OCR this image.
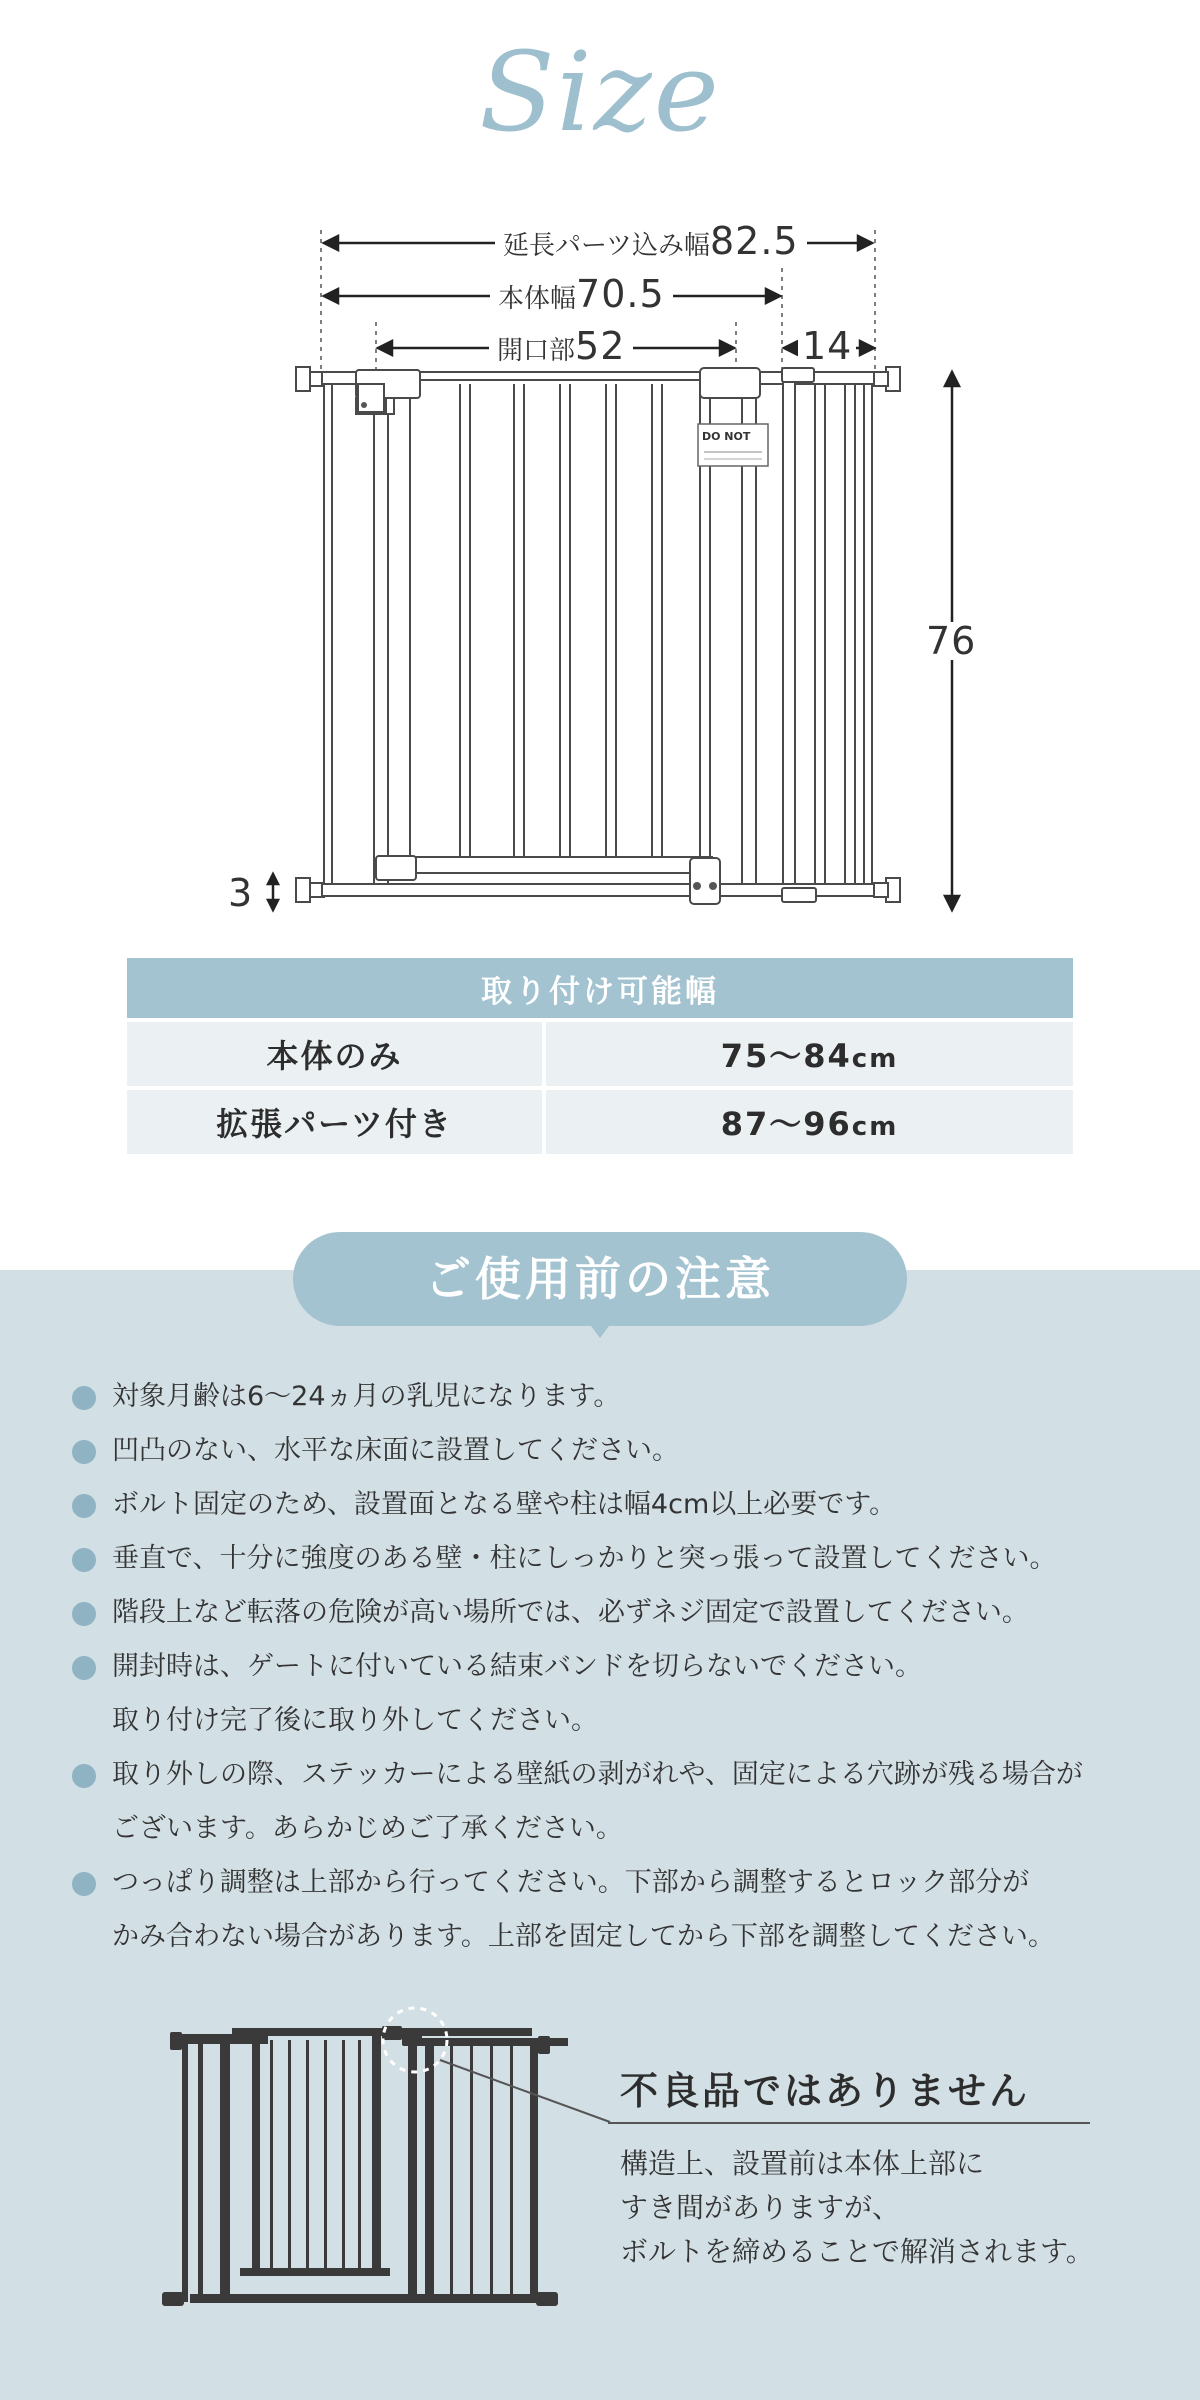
Size
DO NOT
延長パーツ込み幅82.5
本体幅70.5
開口部52	14
76
3
取り付け可能幅	
本体のみ	75〜84cm
拡張パーツ付き	87〜96cm
ご使用前の注意
対象月齢は6〜24ヵ月の乳児になります。
凹凸のない、水平な床面に設置してください。
ボルト固定のため、設置面となる壁や柱は幅4cm以上必要です。
垂直で、十分に強度のある壁・柱にしっかりと突っ張って設置してください。
階段上など転落の危険が高い場所では、必ずネジ固定で設置してください。
開封時は、ゲートに付いている結束バンドを切らないでください。
取り付け完了後に取り外してください。
取り外しの際、ステッカーによる壁紙の剥がれや、固定による穴跡が残る場合が
ございます。あらかじめご了承ください。
つっぱり調整は上部から行ってください。下部から調整するとロック部分が
かみ合わない場合があります。上部を固定してから下部を調整してください。
不良品ではありません
構造上、設置前は本体上部に
すき間がありますが、
ボルトを締めることで解消されます。
